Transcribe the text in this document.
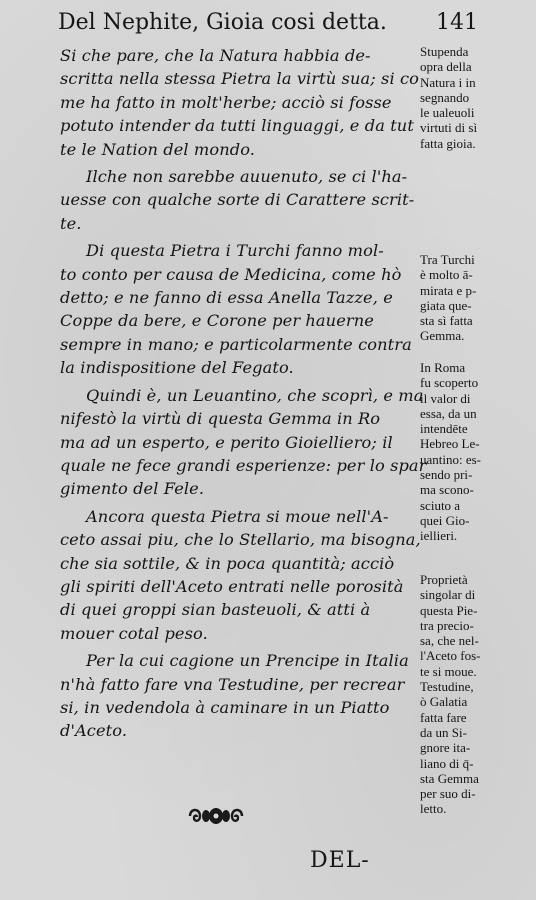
Del Nephite, Gioia cosi detta. 141

Si che pare, che la Natura habbia de-
scritta nella stessa Pietra la virtù sua; si co
me ha fatto in molt'herbe; acciò si fosse
potuto intender da tutti linguaggi, e da tut
te le Nation del mondo.

Ilche non sarebbe auuenuto, se ci l'ha-
uesse con qualche sorte di Carattere scrit-
te.

Di questa Pietra i Turchi fanno mol-
to conto per causa de Medicina, come hò
detto; e ne fanno di essa Anella Tazze, e
Coppe da bere, e Corone per hauerne
sempre in mano; e particolarmente contra
la indispositione del Fegato.

Quindi è, un Leuantino, che scoprì, e ma
nifestò la virtù di questa Gemma in Ro
ma ad un esperto, e perito Gioielliero; il
quale ne fece grandi esperienze: per lo spar
gimento del Fele.

Ancora questa Pietra si moue nell'A-
ceto assai piu, che lo Stellario, ma bisogna,
che sia sottile, & in poca quantità; acciò
gli spiriti dell'Aceto entrati nelle porosità
di quei groppi sian basteuoli, & atti à
mouer cotal peso.

Per la cui cagione un Prencipe in Italia
n'hà fatto fare vna Testudine, per recrear
si, in vedendola à caminare in un Piatto
d'Aceto.

Stupenda
opra della
Natura i in
segnando
le ualeuoli
virtuti di sì
fatta gioia.
Tra Turchi
è molto ā-
mirata e p-
giata que-
sta sì fatta
Gemma.
In Roma
fu scoperto
il valor di
essa, da un
intendēte
Hebreo Le-
uantino: es-
sendo pri-
ma scono-
sciuto a
quei Gio-
iellieri.
Proprietà
singolar di
questa Pie-
tra precio-
sa, che nel-
l'Aceto fos-
te si moue.
Testudine,
ò Galatia
fatta fare
da un Si-
gnore ita-
liano di q̄-
sta Gemma
per suo di-
letto.
DEL-
